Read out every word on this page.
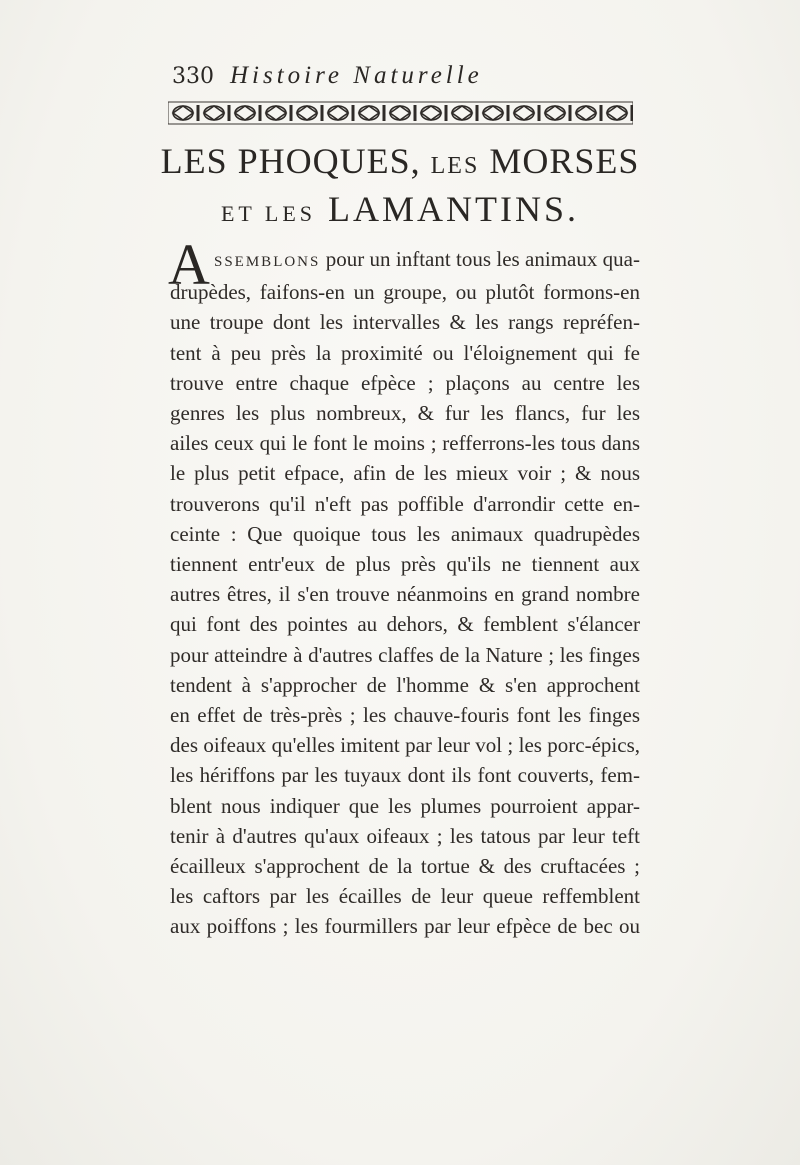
330 Histoire Naturelle
LES PHOQUES, LES MORSES
ET LES LAMANTINS.
A SSEMBLONS pour un inftant tous les animaux qua-
drupèdes, faifons-en un groupe, ou plutôt formons-en
une troupe dont les intervalles & les rangs repréfen-
tent à peu près la proximité ou l'éloignement qui fe
trouve entre chaque efpèce ; plaçons au centre les
genres les plus nombreux, & fur les flancs, fur les
ailes ceux qui le font le moins ; refferrons-les tous dans
le plus petit efpace, afin de les mieux voir ; & nous
trouverons qu'il n'eft pas poffible d'arrondir cette en-
ceinte : Que quoique tous les animaux quadrupèdes
tiennent entr'eux de plus près qu'ils ne tiennent aux
autres êtres, il s'en trouve néanmoins en grand nombre
qui font des pointes au dehors, & femblent s'élancer
pour atteindre à d'autres claffes de la Nature ; les finges
tendent à s'approcher de l'homme & s'en approchent
en effet de très-près ; les chauve-fouris font les finges
des oifeaux qu'elles imitent par leur vol ; les porc-épics,
les hériffons par les tuyaux dont ils font couverts, fem-
blent nous indiquer que les plumes pourroient appar-
tenir à d'autres qu'aux oifeaux ; les tatous par leur teft
écailleux s'approchent de la tortue & des cruftacées ;
les caftors par les écailles de leur queue reffemblent
aux poiffons ; les fourmillers par leur efpèce de bec ou
